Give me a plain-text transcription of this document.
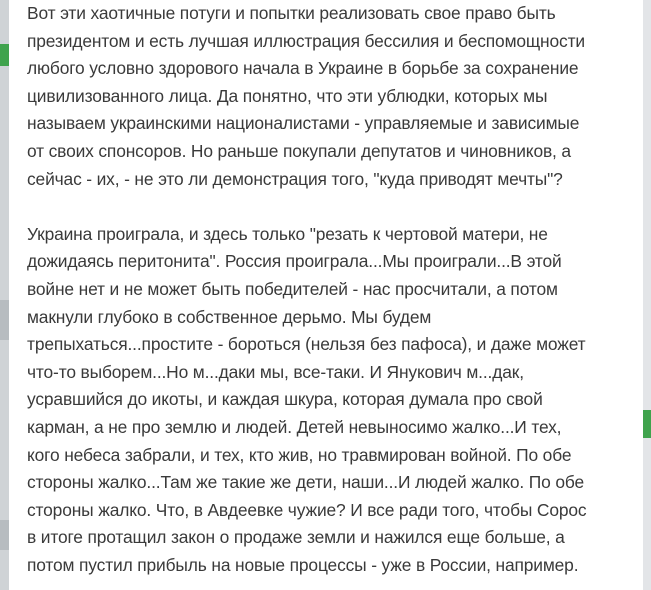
Вот эти хаотичные потуги и попытки реализовать свое право быть
президентом и есть лучшая иллюстрация бессилия и беспомощности
любого условно здорового начала в Украине в борьбе за сохранение
цивилизованного лица. Да понятно, что эти ублюдки, которых мы
называем украинскими националистами - управляемые и зависимые
от своих спонсоров. Но раньше покупали депутатов и чиновников, а
сейчас - их, - не это ли демонстрация того, "куда приводят мечты"?

Украина проиграла, и здесь только "резать к чертовой матери, не
дожидаясь перитонита". Россия проиграла...Мы проиграли...В этой
войне нет и не может быть победителей - нас просчитали, а потом
макнули глубоко в собственное дерьмо. Мы будем
трепыхаться...простите - бороться (нельзя без пафоса), и даже может
что-то выборем...Но м...даки мы, все-таки. И Янукович м...дак,
усравшийся до икоты, и каждая шкура, которая думала про свой
карман, а не про землю и людей. Детей невыносимо жалко...И тех,
кого небеса забрали, и тех, кто жив, но травмирован войной. По обе
стороны жалко...Там же такие же дети, наши...И людей жалко. По обе
стороны жалко. Что, в Авдеевке чужие? И все ради того, чтобы Сорос
в итоге протащил закон о продаже земли и нажился еще больше, а
потом пустил прибыль на новые процессы - уже в России, например.
